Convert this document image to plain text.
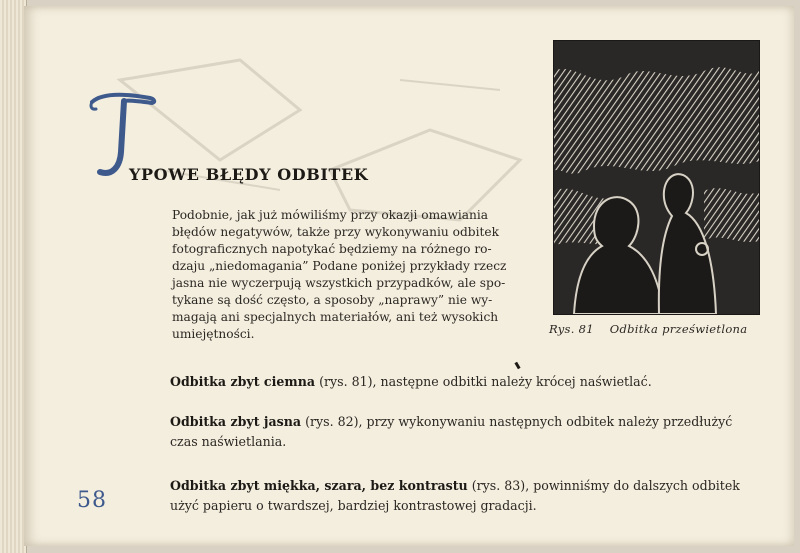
YPOWE BŁĘDY ODBITEK
Podobnie, jak już mówiliśmy przy okazji omawiania
błędów negatywów, także przy wykonywaniu odbitek
fotograficznych napotykać będziemy na różnego ro-
dzaju „niedomagania” Podane poniżej przykłady rzecz
jasna nie wyczerpują wszystkich przypadków, ale spo-
tykane są dość często, a sposoby „naprawy” nie wy-
magają ani specjalnych materiałów, ani też wysokich
umiejętności.	Rys. 81 Odbitka prześwietlona
Odbitka zbyt ciemna (rys. 81), następne odbitki należy krócej naświetlać.
Odbitka zbyt jasna (rys. 82), przy wykonywaniu następnych odbitek należy przedłużyć czas naświetlania.
Odbitka zbyt miękka, szara, bez kontrastu (rys. 83), powinniśmy do dalszych odbitek użyć papieru o twardszej, bardziej kontrastowej gradacji.
58
